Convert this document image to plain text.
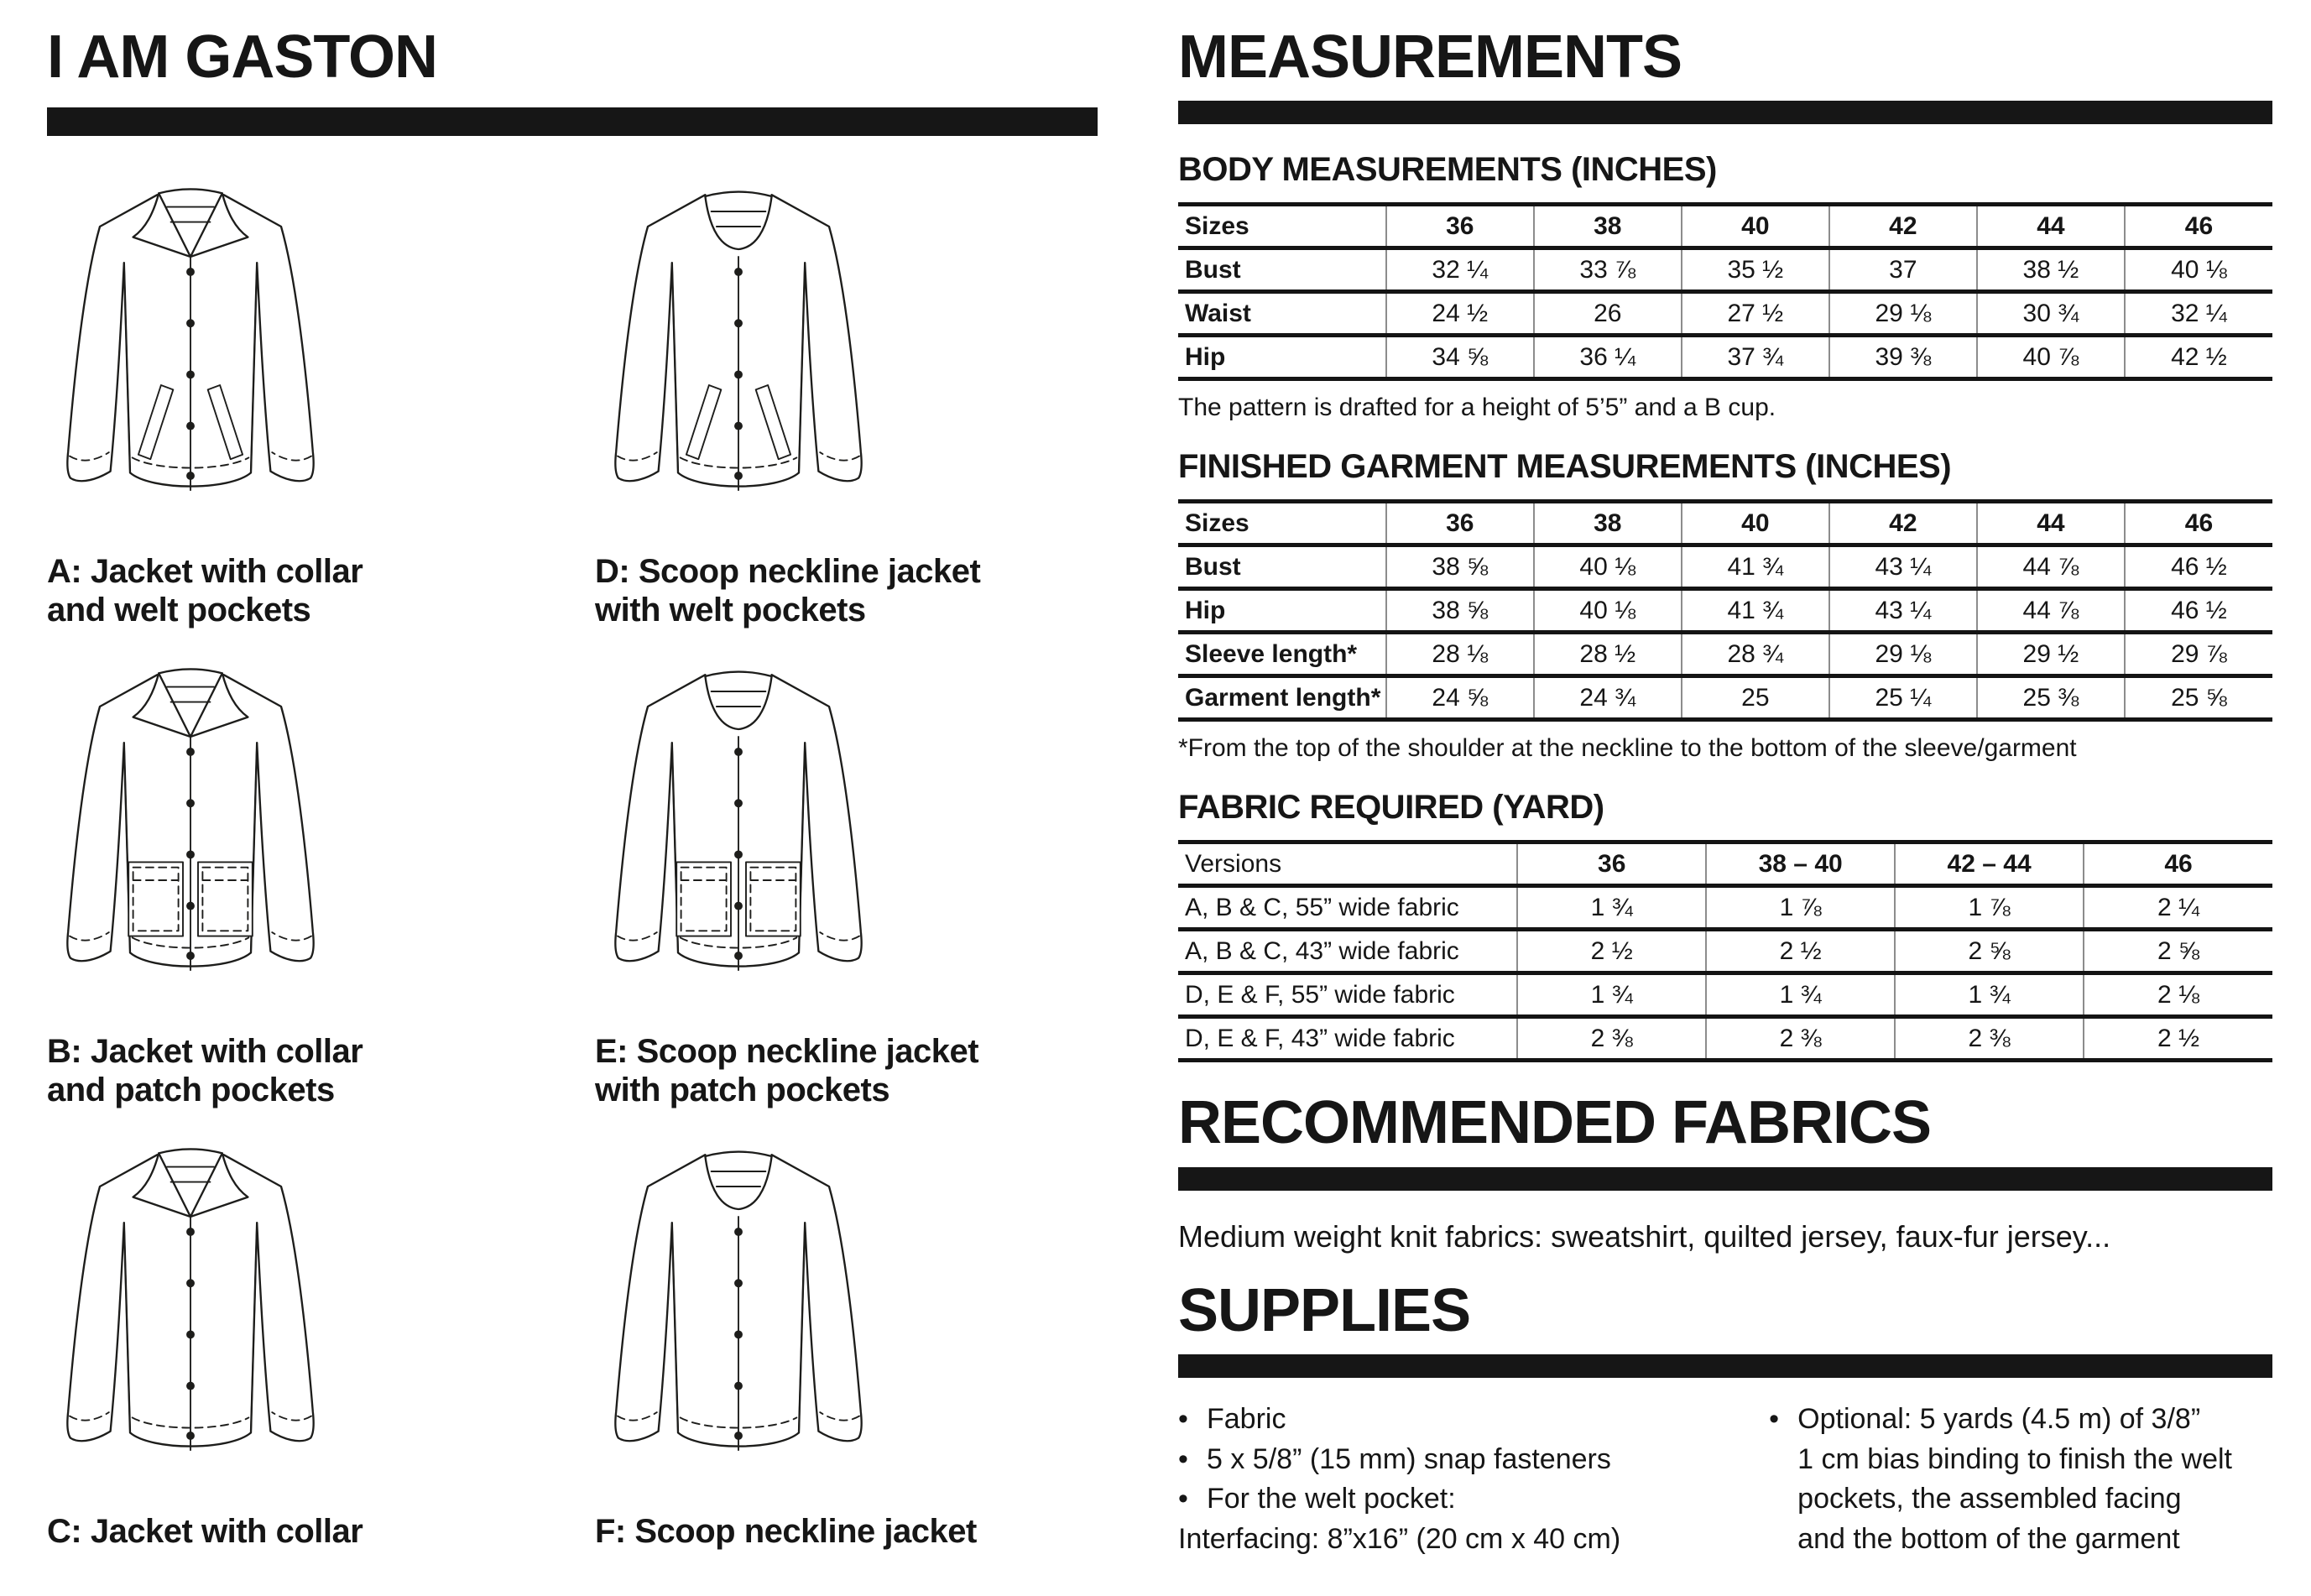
I AM GASTON
A: Jacket with collar
and welt pockets
D: Scoop neckline jacket
with welt pockets
B: Jacket with collar
and patch pockets
E: Scoop neckline jacket
with patch pockets
C: Jacket with collar	F: Scoop neckline jacket
MEASUREMENTS
BODY MEASUREMENTS (INCHES)
Sizes	36	38	40	42	44	46
Bust	32 ¼	33 ⅞	35 ½	37	38 ½	40 ⅛
Waist	24 ½	26	27 ½	29 ⅛	30 ¾	32 ¼
Hip	34 ⅝	36 ¼	37 ¾	39 ⅜	40 ⅞	42 ½
The pattern is drafted for a height of 5’5” and a B cup.
FINISHED GARMENT MEASUREMENTS (INCHES)
Sizes	36	38	40	42	44	46
Bust	38 ⅝	40 ⅛	41 ¾	43 ¼	44 ⅞	46 ½
Hip	38 ⅝	40 ⅛	41 ¾	43 ¼	44 ⅞	46 ½
Sleeve length*	28 ⅛	28 ½	28 ¾	29 ⅛	29 ½	29 ⅞
Garment length*	24 ⅝	24 ¾	25	25 ¼	25 ⅜	25 ⅝
*From the top of the shoulder at the neckline to the bottom of the sleeve/garment
FABRIC REQUIRED (YARD)
Versions	36	38 – 40	42 – 44	46
A, B & C, 55” wide fabric	1 ¾	1 ⅞	1 ⅞	2 ¼
A, B & C, 43” wide fabric	2 ½	2 ½	2 ⅝	2 ⅝
D, E & F, 55” wide fabric	1 ¾	1 ¾	1 ¾	2 ⅛
D, E & F, 43” wide fabric	2 ⅜	2 ⅜	2 ⅜	2 ½
RECOMMENDED FABRICS
Medium weight knit fabrics: sweatshirt, quilted jersey, faux-fur jersey...
SUPPLIES
• Fabric
• 5 x 5/8” (15 mm) snap fasteners
• For the welt pocket:
Interfacing: 8”x16” (20 cm x 40 cm)
• Optional: 5 yards (4.5 m) of 3/8”
1 cm bias binding to finish the welt
pockets, the assembled facing
and the bottom of the garment
